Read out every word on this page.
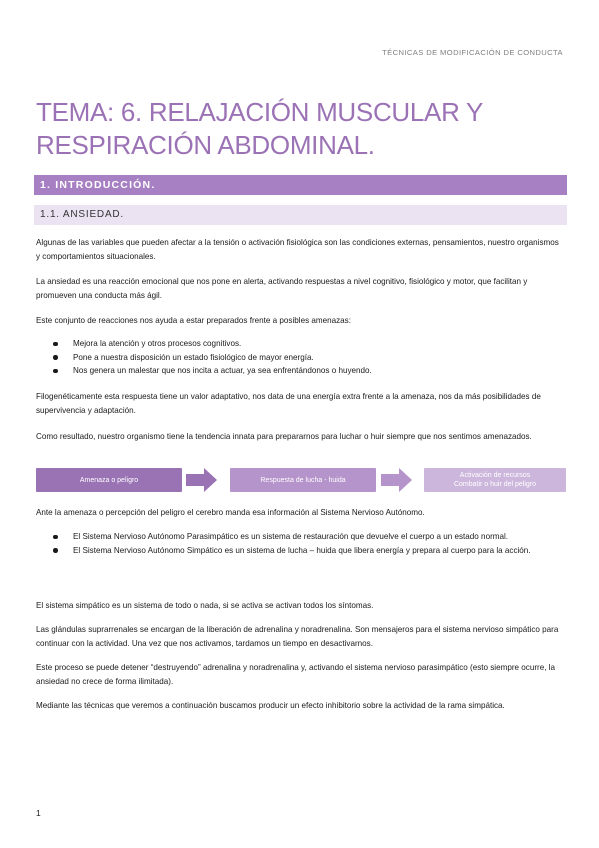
TÉCNICAS DE MODIFICACIÓN DE CONDUCTA
TEMA: 6. RELAJACIÓN MUSCULAR Y
RESPIRACIÓN ABDOMINAL.
1. INTRODUCCIÓN.
1.1. ANSIEDAD.

Algunas de las variables que pueden afectar a la tensión o activación fisiológica son las condiciones externas, pensamientos, nuestro organismos y comportamientos situacionales.

La ansiedad es una reacción emocional que nos pone en alerta, activando respuestas a nivel cognitivo, fisiológico y motor, que facilitan y promueven una conducta más ágil.

Este conjunto de reacciones nos ayuda a estar preparados frente a posibles amenazas:

Mejora la atención y otros procesos cognitivos.
Pone a nuestra disposición un estado fisiológico de mayor energía.
Nos genera un malestar que nos incita a actuar, ya sea enfrentándonos o huyendo.

Filogenéticamente esta respuesta tiene un valor adaptativo, nos data de una energía extra frente a la amenaza, nos da más posibilidades de supervivencia y adaptación.

Como resultado, nuestro organismo tiene la tendencia innata para prepararnos para luchar o huir siempre que nos sentimos amenazados.

Amenaza o peligro	Respuesta de lucha - huida
Activación de recursos
Combatir o huir del peligro

Ante la amenaza o percepción del peligro el cerebro manda esa información al Sistema Nervioso Autónomo.

El Sistema Nervioso Autónomo Parasimpático es un sistema de restauración que devuelve el cuerpo a un estado normal.
El Sistema Nervioso Autónomo Simpático es un sistema de lucha – huida que libera energía y prepara al cuerpo para la acción.

El sistema simpático es un sistema de todo o nada, si se activa se activan todos los síntomas.

Las glándulas suprarrenales se encargan de la liberación de adrenalina y noradrenalina. Son mensajeros para el sistema nervioso simpático para continuar con la actividad. Una vez que nos activamos, tardamos un tiempo en desactivarnos.

Este proceso se puede detener “destruyendo” adrenalina y noradrenalina y, activando el sistema nervioso parasimpático (esto siempre ocurre, la ansiedad no crece de forma ilimitada).

Mediante las técnicas que veremos a continuación buscamos producir un efecto inhibitorio sobre la actividad de la rama simpática.

1
